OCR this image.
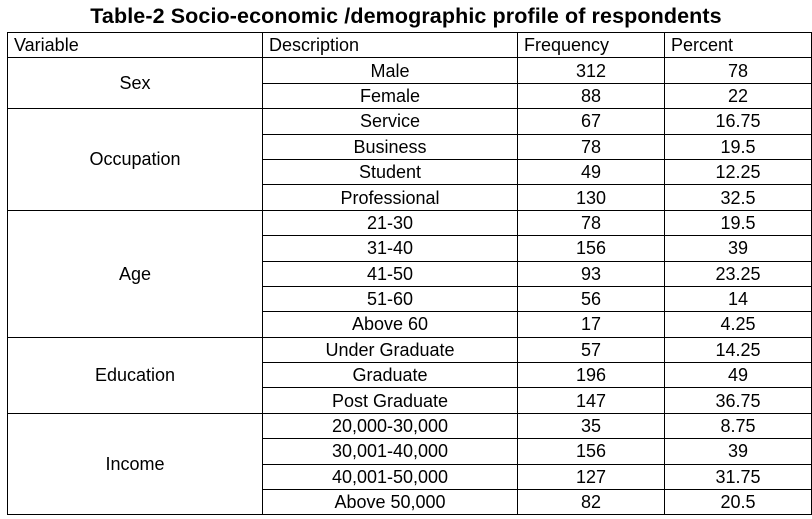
Table-2 Socio-economic /demographic profile of respondents
Variable	Description	Frequency	Percent
Sex	Male	312	78
	Female	88	22
Occupation	Service	67	16.75
	Business	78	19.5
	Student	49	12.25
	Professional	130	32.5
Age	21-30	78	19.5
	31-40	156	39
	41-50	93	23.25
	51-60	56	14
	Above 60	17	4.25
Education	Under Graduate	57	14.25
	Graduate	196	49
	Post Graduate	147	36.75
Income	20,000-30,000	35	8.75
	30,001-40,000	156	39
	40,001-50,000	127	31.75
	Above 50,000	82	20.5
